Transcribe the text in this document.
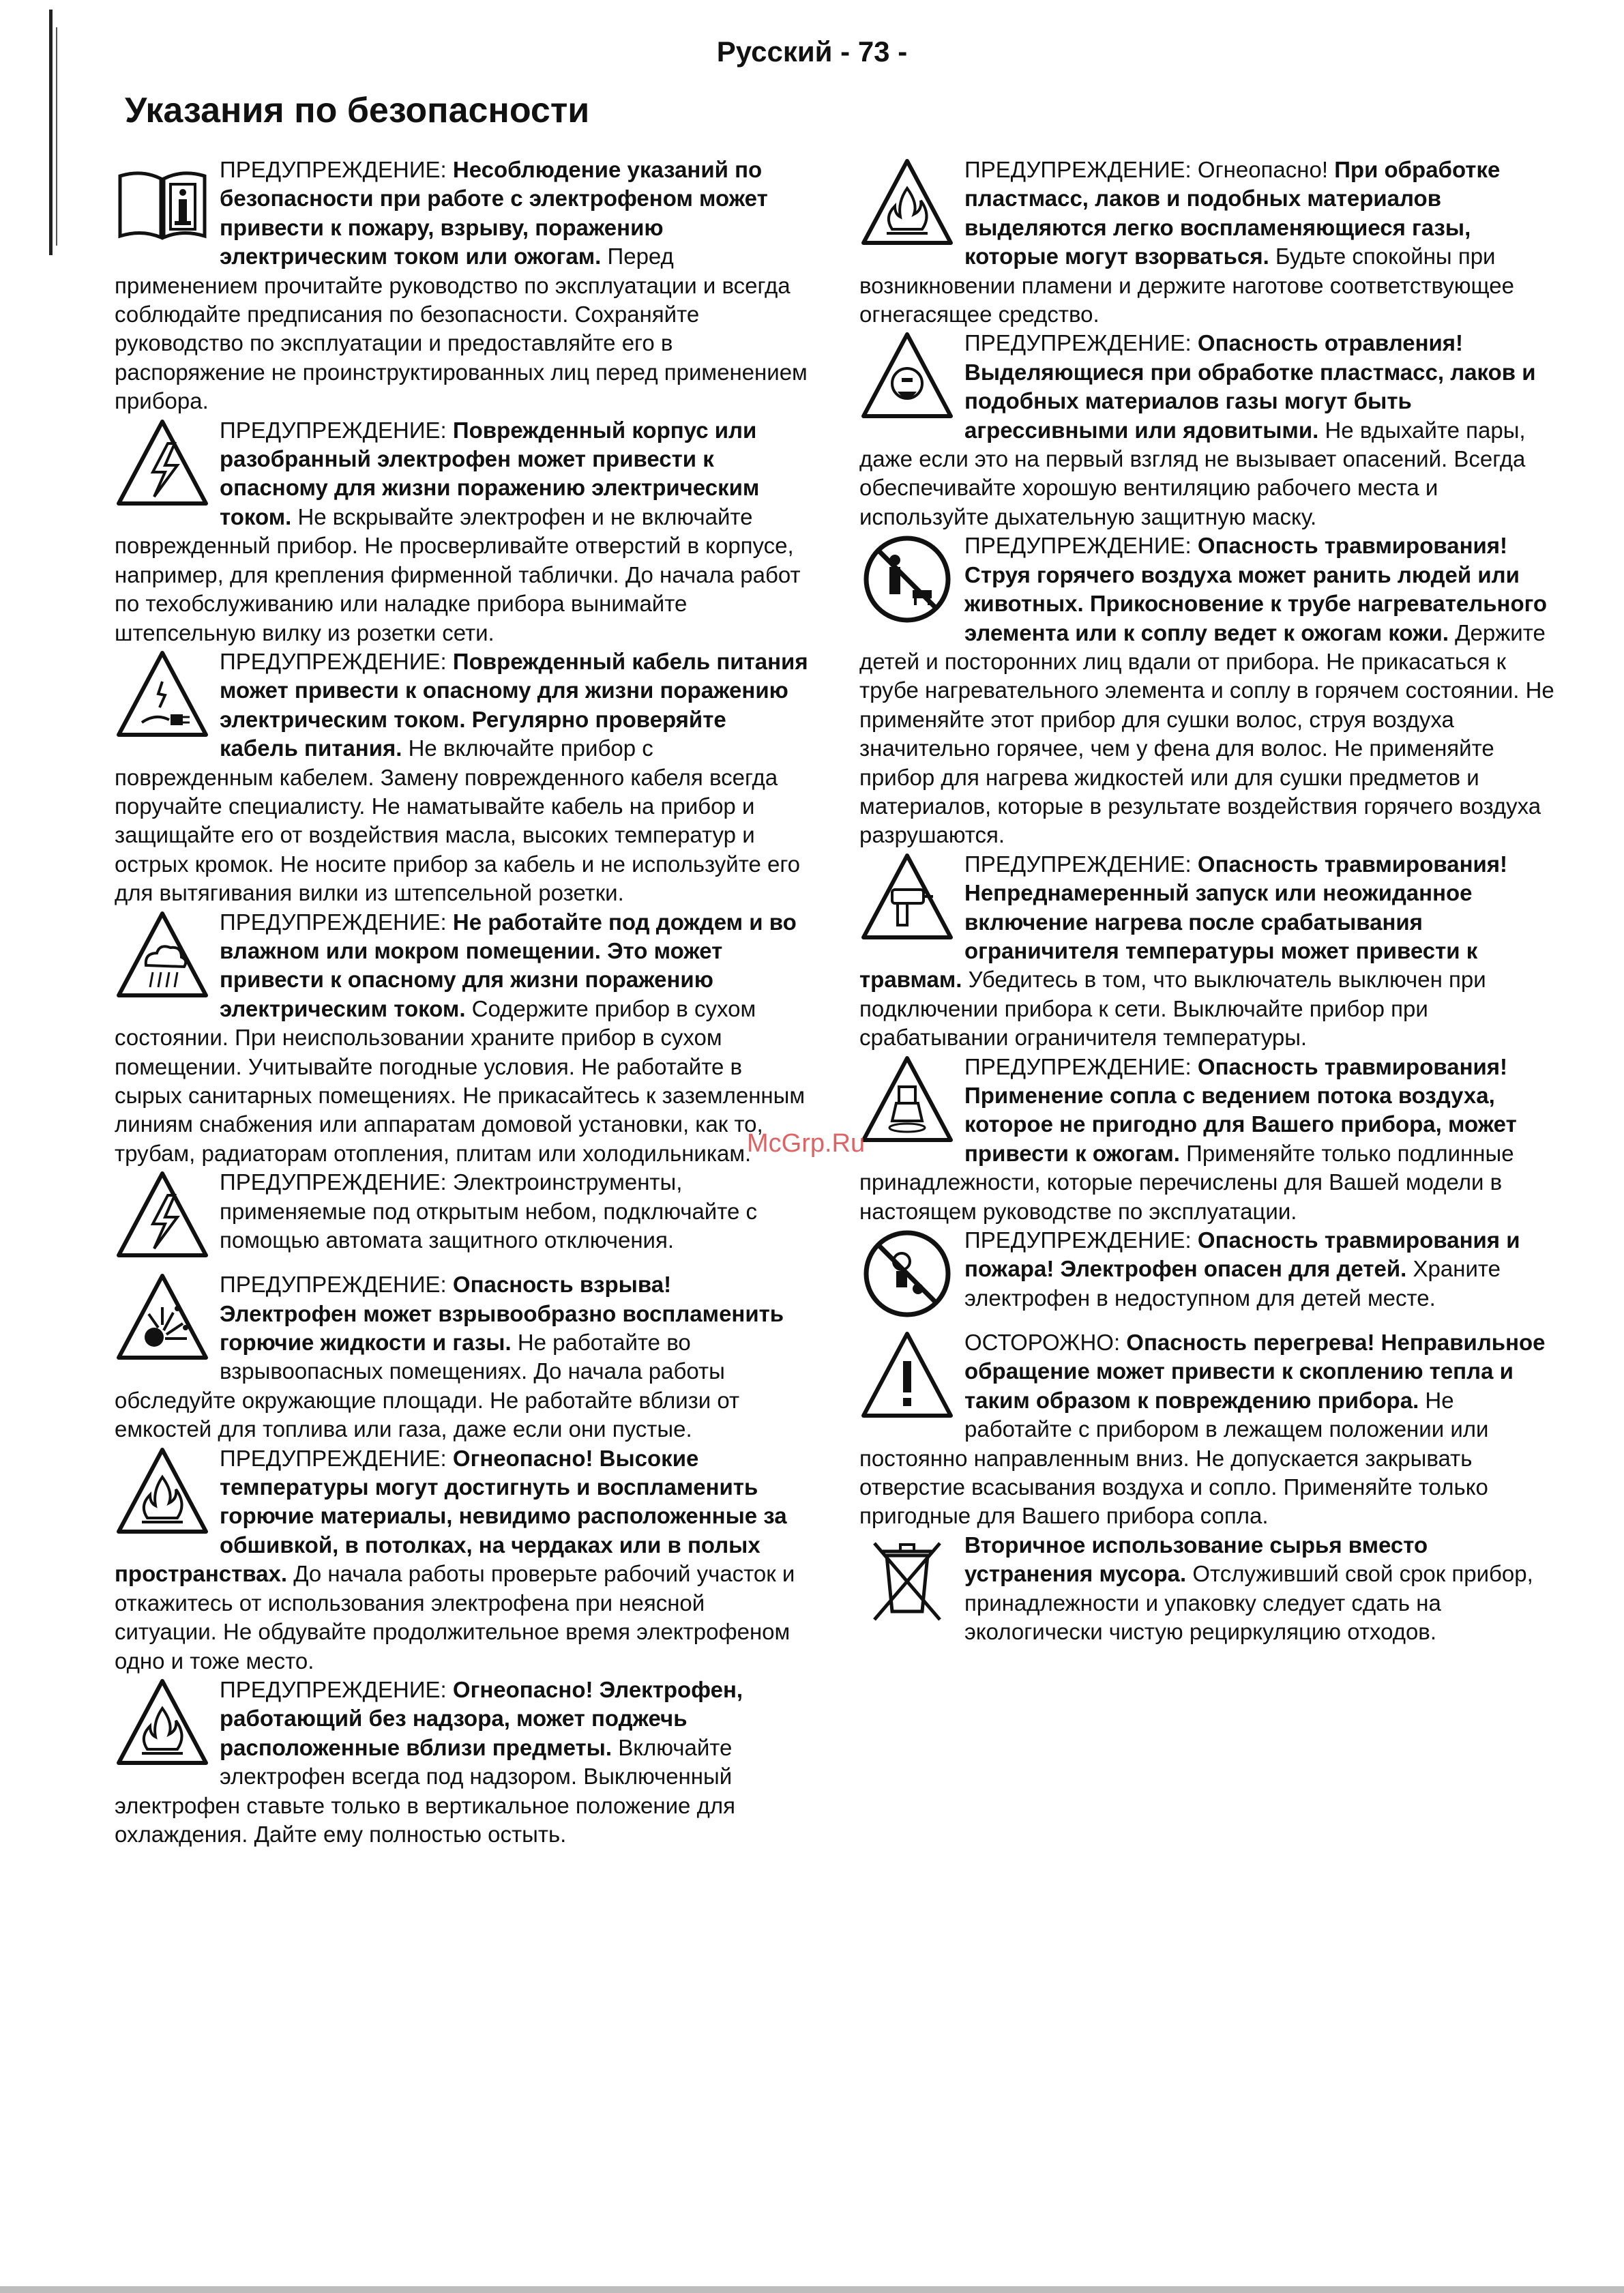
Русский - 73 -
Указания по безопасности
ПРЕДУПРЕЖДЕНИЕ: Несоблюдение указаний по безопасности при работе с электрофеном может привести к пожару, взрыву, поражению электрическим током или ожогам. Перед применением прочитайте руководство по эксплуатации и всегда соблюдайте предписания по безопасности. Сохраняйте руководство по эксплуатации и предоставляйте его в распоряжение не проинструктированных лиц перед применением прибора.
ПРЕДУПРЕЖДЕНИЕ: Поврежденный корпус или разобранный электрофен может привести к опасному для жизни поражению электрическим током. Не вскрывайте электрофен и не включайте поврежденный прибор. Не просверливайте отверстий в корпусе, например, для крепления фирменной таблички. До начала работ по техобслуживанию или наладке прибора вынимайте штепсельную вилку из розетки сети.
ПРЕДУПРЕЖДЕНИЕ: Поврежденный кабель питания может привести к опасному для жизни поражению электрическим током. Регулярно проверяйте кабель питания. Не включайте прибор с поврежденным кабелем. Замену поврежденного кабеля всегда поручайте специалисту. Не наматывайте кабель на прибор и защищайте его от воздействия масла, высоких температур и острых кромок. Не носите прибор за кабель и не используйте его для вытягивания вилки из штепсельной розетки.
ПРЕДУПРЕЖДЕНИЕ: Не работайте под дождем и во влажном или мокром помещении. Это может привести к опасному для жизни поражению электрическим током. Содержите прибор в сухом состоянии. При неиспользовании храните прибор в сухом помещении. Учитывайте погодные условия. Не работайте в сырых санитарных помещениях. Не прикасайтесь к заземленным линиям снабжения или аппаратам домовой установки, как то, трубам, радиаторам отопления, плитам или холодильникам.
ПРЕДУПРЕЖДЕНИЕ: Электроинструменты, применяемые под открытым небом, подключайте с помощью автомата защитного отключения.
ПРЕДУПРЕЖДЕНИЕ: Опасность взрыва! Электрофен может взрывообразно воспламенить горючие жидкости и газы. Не работайте во взрывоопасных помещениях. До начала работы обследуйте окружающие площади. Не работайте вблизи от емкостей для топлива или газа, даже если они пустые.
ПРЕДУПРЕЖДЕНИЕ: Огнеопасно! Высокие температуры могут достигнуть и воспламенить горючие материалы, невидимо расположенные за обшивкой, в потолках, на чердаках или в полых пространствах. До начала работы проверьте рабочий участок и откажитесь от использования электрофена при неясной ситуации. Не обдувайте продолжительное время электрофеном одно и тоже место.
ПРЕДУПРЕЖДЕНИЕ: Огнеопасно! Электрофен, работающий без надзора, может поджечь расположенные вблизи предметы. Включайте электрофен всегда под надзором. Выключенный электрофен ставьте только в вертикальное положение для охлаждения. Дайте ему полностью остыть.
ПРЕДУПРЕЖДЕНИЕ: Огнеопасно! При обработке пластмасс, лаков и подобных материалов выделяются легко воспламеняющиеся газы, которые могут взорваться. Будьте спокойны при возникновении пламени и держите наготове соответствующее огнегасящее средство.
ПРЕДУПРЕЖДЕНИЕ: Опасность отравления! Выделяющиеся при обработке пластмасс, лаков и подобных материалов газы могут быть агрессивными или ядовитыми. Не вдыхайте пары, даже если это на первый взгляд не вызывает опасений. Всегда обеспечивайте хорошую вентиляцию рабочего места и используйте дыхательную защитную маску.
ПРЕДУПРЕЖДЕНИЕ: Опасность травмирования! Струя горячего воздуха может ранить людей или животных. Прикосновение к трубе нагревательного элемента или к соплу ведет к ожогам кожи. Держите детей и посторонних лиц вдали от прибора. Не прикасаться к трубе нагревательного элемента и соплу в горячем состоянии. Не применяйте этот прибор для сушки волос, струя воздуха значительно горячее, чем у фена для волос. Не применяйте прибор для нагрева жидкостей или для сушки предметов и материалов, которые в результате воздействия горячего воздуха разрушаются.
ПРЕДУПРЕЖДЕНИЕ: Опасность травмирования! Непреднамеренный запуск или неожиданное включение нагрева после срабатывания ограничителя температуры может привести к травмам. Убедитесь в том, что выключатель выключен при подключении прибора к сети. Выключайте прибор при срабатывании ограничителя температуры.
ПРЕДУПРЕЖДЕНИЕ: Опасность травмирования! Применение сопла с ведением потока воздуха, которое не пригодно для Вашего прибора, может привести к ожогам. Применяйте только подлинные принадлежности, которые перечислены для Вашей модели в настоящем руководстве по эксплуатации.
ПРЕДУПРЕЖДЕНИЕ: Опасность травмирования и пожара! Электрофен опасен для детей. Храните электрофен в недоступном для детей месте.
ОСТОРОЖНО: Опасность перегрева! Неправильное обращение может привести к скоплению тепла и таким образом к повреждению прибора. Не работайте с прибором в лежащем положении или постоянно направленным вниз. Не допускается закрывать отверстие всасывания воздуха и сопло. Применяйте только пригодные для Вашего прибора сопла.
Вторичное использование сырья вместо устранения мусора. Отслуживший свой срок прибор, принадлежности и упаковку следует сдать на экологически чистую рециркуляцию отходов.
McGrp.Ru
